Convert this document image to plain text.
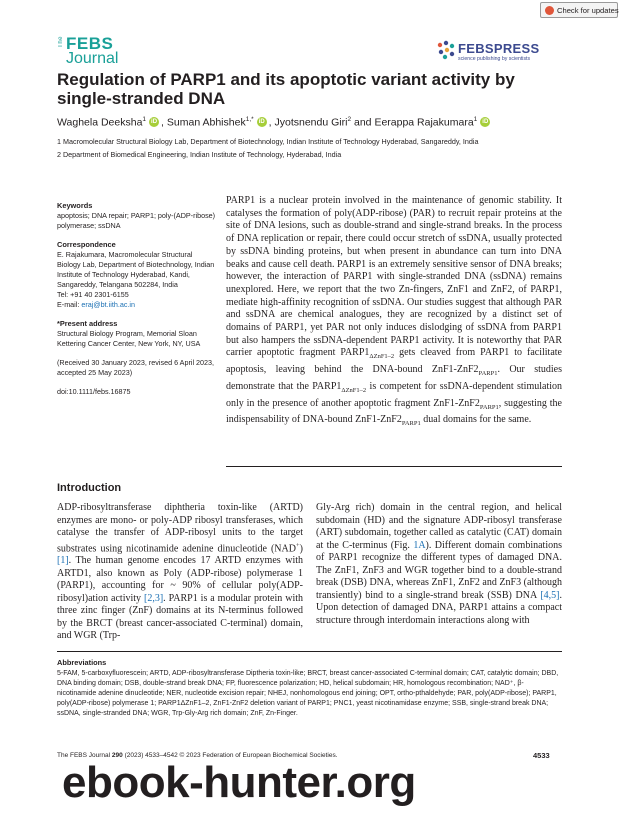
Check for updates
The FEBS
Journal
FEBSPRESS
science publishing by scientists
Regulation of PARP1 and its apoptotic variant activity by single-stranded DNA
Waghela Deeksha$^1$ iD , Suman Abhishek$^{1,*}$ iD , Jyotsnendu Giri$^2$ and Eerappa Rajakumara$^1$ iD
1 Macromolecular Structural Biology Lab, Department of Biotechnology, Indian Institute of Technology Hyderabad, Sangareddy, India
2 Department of Biomedical Engineering, Indian Institute of Technology, Hyderabad, India
Keywords

apoptosis; DNA repair; PARP1; poly-(ADP-ribose) polymerase; ssDNA

Correspondence

E. Rajakumara, Macromolecular Structural Biology Lab, Department of Biotechnology, Indian Institute of Technology Hyderabad, Kandi, Sangareddy, Telangana 502284, India

Tel: +91 40 2301-6155

E-mail: eraj@bt.iith.ac.in

*Present address

Structural Biology Program, Memorial Sloan Kettering Cancer Center, New York, NY, USA

(Received 30 January 2023, revised 6 April 2023, accepted 25 May 2023)
doi:10.1111/febs.16875
PARP1 is a nuclear protein involved in the maintenance of genomic stability. It catalyses the formation of poly(ADP-ribose) (PAR) to recruit repair proteins at the site of DNA lesions, such as double-strand and single-strand breaks. In the process of DNA replication or repair, there could occur stretch of ssDNA, usually protected by ssDNA binding proteins, but when present in abundance can turn into DNA beaks and cause cell death. PARP1 is an extremely sensitive sensor of DNA breaks; however, the interaction of PARP1 with single-stranded DNA (ssDNA) remains unexplored. Here, we report that the two Zn-fingers, ZnF1 and ZnF2, of PARP1, mediate high-affinity recognition of ssDNA. Our studies suggest that although PAR and ssDNA are chemical analogues, they are recognized by a distinct set of domains of PARP1, yet PAR not only induces dislodging of ssDNA from PARP1 but also hampers the ssDNA-dependent PARP1 activity. It is noteworthy that PAR carrier apoptotic fragment $PARP1_{\Delta ZnF1-2}$ gets cleaved from PARP1 to facilitate apoptosis, leaving behind the DNA-bound $ZnF1-ZnF2_{PARP1}$. Our studies demonstrate that the $PARP1_{\Delta ZnF1-2}$ is competent for ssDNA-dependent stimulation only in the presence of another apoptotic fragment $ZnF1-ZnF2_{PARP1}$, suggesting the indispensability of DNA-bound $ZnF1-ZnF2_{PARP1}$ dual domains for the same.
Introduction
ADP-ribosyltransferase diphtheria toxin-like (ARTD) enzymes are mono- or poly-ADP ribosyl transferases, which catalyse the transfer of ADP-ribosyl units to the target substrates using nicotinamide adenine dinucleotide (NAD+) [1]. The human genome encodes 17 ARTD enzymes with ARTD1, also known as Poly (ADP-ribose) polymerase 1 (PARP1), accounting for ~ 90% of cellular poly(ADP-ribosyl)ation activity [2,3]. PARP1 is a modular protein with three zinc finger (ZnF) domains at its N-terminus followed by the BRCT (breast cancer-associated C-terminal) domain, and WGR (Trp-
Gly-Arg rich) domain in the central region, and helical subdomain (HD) and the signature ADP-ribosyl transferase (ART) subdomain, together called as catalytic (CAT) domain at the C-terminus (Fig. 1A). Different domain combinations of PARP1 recognize the different types of damaged DNA. The ZnF1, ZnF3 and WGR together bind to a double-strand break (DSB) DNA, whereas ZnF1, ZnF2 and ZnF3 (although transiently) bind to a single-strand break (SSB) DNA [4,5]. Upon detection of damaged DNA, PARP1 attains a compact structure through interdomain interactions along with
Abbreviations
5-FAM, 5-carboxyfluorescein; ARTD, ADP-ribosyltransferase Diptheria toxin-like; BRCT, breast cancer-associated C-terminal domain; CAT, catalytic domain; DBD, DNA binding domain; DSB, double-strand break DNA; FP, fluorescence polarization; HD, helical subdomain; HR, homologous recombination; NAD⁺, β-nicotinamide adenine dinucleotide; NER, nucleotide excision repair; NHEJ, nonhomologous end joining; OPT, ortho-pthaldehyde; PAR, poly(ADP-ribose); PARP1, poly(ADP-ribose) polymerase 1; PARP1ΔZnF1–2, ZnF1-ZnF2 deletion variant of PARP1; PNC1, yeast nicotinamidase enzyme; SSB, single-strand break DNA; ssDNA, single-stranded DNA; WGR, Trp-Gly-Arg rich domain; ZnF, Zn-Finger.
The FEBS Journal 290 (2023) 4533–4542 © 2023 Federation of European Biochemical Societies.	4533
ebook-hunter.org
